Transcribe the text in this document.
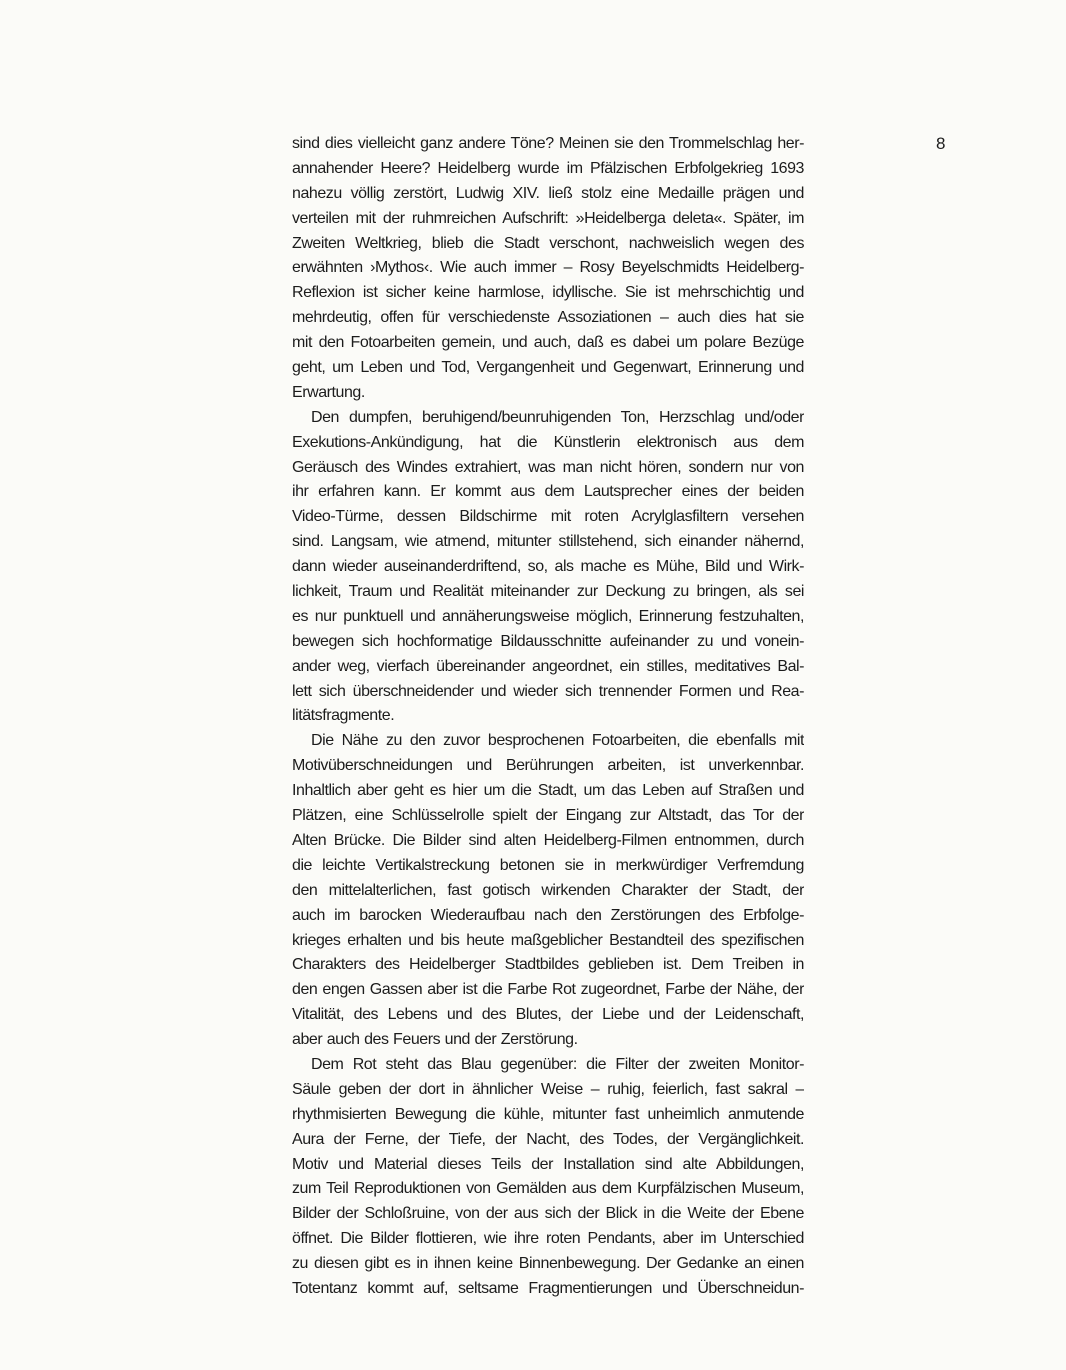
8
sind dies vielleicht ganz andere Töne? Meinen sie den Trommelschlag her-
annahender Heere? Heidelberg wurde im Pfälzischen Erbfolgekrieg 1693
nahezu völlig zerstört, Ludwig XIV. ließ stolz eine Medaille prägen und
verteilen mit der ruhmreichen Aufschrift: »Heidelberga deleta«. Später, im
Zweiten Weltkrieg, blieb die Stadt verschont, nachweislich wegen des
erwähnten ›Mythos‹. Wie auch immer – Rosy Beyelschmidts Heidelberg-
Reflexion ist sicher keine harmlose, idyllische. Sie ist mehrschichtig und
mehrdeutig, offen für verschiedenste Assoziationen – auch dies hat sie
mit den Fotoarbeiten gemein, und auch, daß es dabei um polare Bezüge
geht, um Leben und Tod, Vergangenheit und Gegenwart, Erinnerung und
Erwartung.
Den dumpfen, beruhigend/beunruhigenden Ton, Herzschlag und/oder
Exekutions-Ankündigung, hat die Künstlerin elektronisch aus dem
Geräusch des Windes extrahiert, was man nicht hören, sondern nur von
ihr erfahren kann. Er kommt aus dem Lautsprecher eines der beiden
Video-Türme, dessen Bildschirme mit roten Acrylglasfiltern versehen
sind. Langsam, wie atmend, mitunter stillstehend, sich einander nähernd,
dann wieder auseinanderdriftend, so, als mache es Mühe, Bild und Wirk-
lichkeit, Traum und Realität miteinander zur Deckung zu bringen, als sei
es nur punktuell und annäherungsweise möglich, Erinnerung festzuhalten,
bewegen sich hochformatige Bildausschnitte aufeinander zu und vonein-
ander weg, vierfach übereinander angeordnet, ein stilles, meditatives Bal-
lett sich überschneidender und wieder sich trennender Formen und Rea-
litätsfragmente.
Die Nähe zu den zuvor besprochenen Fotoarbeiten, die ebenfalls mit
Motivüberschneidungen und Berührungen arbeiten, ist unverkennbar.
Inhaltlich aber geht es hier um die Stadt, um das Leben auf Straßen und
Plätzen, eine Schlüsselrolle spielt der Eingang zur Altstadt, das Tor der
Alten Brücke. Die Bilder sind alten Heidelberg-Filmen entnommen, durch
die leichte Vertikalstreckung betonen sie in merkwürdiger Verfremdung
den mittelalterlichen, fast gotisch wirkenden Charakter der Stadt, der
auch im barocken Wiederaufbau nach den Zerstörungen des Erbfolge-
krieges erhalten und bis heute maßgeblicher Bestandteil des spezifischen
Charakters des Heidelberger Stadtbildes geblieben ist. Dem Treiben in
den engen Gassen aber ist die Farbe Rot zugeordnet, Farbe der Nähe, der
Vitalität, des Lebens und des Blutes, der Liebe und der Leidenschaft,
aber auch des Feuers und der Zerstörung.
Dem Rot steht das Blau gegenüber: die Filter der zweiten Monitor-
Säule geben der dort in ähnlicher Weise – ruhig, feierlich, fast sakral –
rhythmisierten Bewegung die kühle, mitunter fast unheimlich anmutende
Aura der Ferne, der Tiefe, der Nacht, des Todes, der Vergänglichkeit.
Motiv und Material dieses Teils der Installation sind alte Abbildungen,
zum Teil Reproduktionen von Gemälden aus dem Kurpfälzischen Museum,
Bilder der Schloßruine, von der aus sich der Blick in die Weite der Ebene
öffnet. Die Bilder flottieren, wie ihre roten Pendants, aber im Unterschied
zu diesen gibt es in ihnen keine Binnenbewegung. Der Gedanke an einen
Totentanz kommt auf, seltsame Fragmentierungen und Überschneidun-
